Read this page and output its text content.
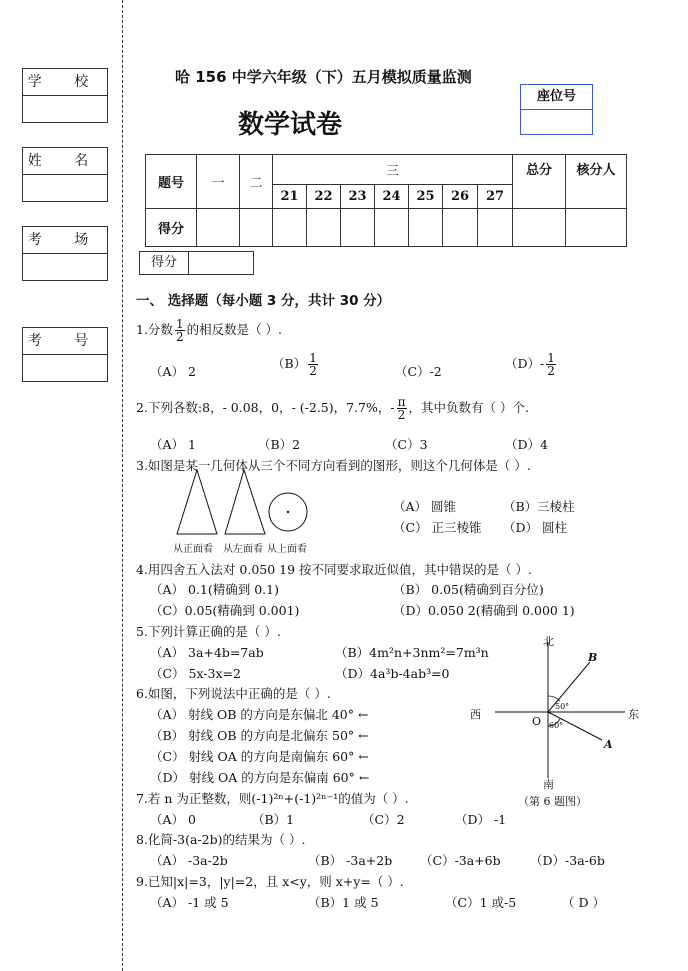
学 校
姓 名
考 场
考 号
哈 156 中学六年级（下）五月模拟质量监测
数学试卷
座位号
题号	一	二	三							总分	核分人
			21	22	23	24	25	26	27		
得分											
得分
一、 选择题（每小题 3 分，共计 30 分）
1.分数 $\frac{1}{2}$ 的相反数是（ ）.
（A） 2
$(B) \frac{1}{2}$	（C）-2
$(D)- \frac{1}{2}$
2.下列各数:8，- 0.08，0，- (-2.5)，7.7%，- $\frac{\pi}{2}$ ，其中负数有（ ）个.
（A） 1	（B）2	（C）3	（D）4
3.如图是某一几何体从三个不同方向看到的图形，则这个几何体是（ ）.
从正面看 从左面看 从上面看
（A） 圆锥	（B）三棱柱
（C） 正三棱锥 （D） 圆柱
4.用四舍五入法对 0.050 19 按不同要求取近似值，其中错误的是（ ）.
（A） 0.1(精确到 0.1)	（B） 0.05(精确到百分位)
（C）0.05(精确到 0.001)	（D）0.050 2(精确到 0.000 1)
5.下列计算正确的是（ ）.
（A） 3a+4b=7ab	（B）4m²n+3nm²=7m³n
（C） 5x-3x=2	（D）4a³b-4ab³=0
6.如图，下列说法中正确的是（ ）.
（A） 射线 OB 的方向是东偏北 40° ←
（B） 射线 OB 的方向是北偏东 50° ←
（C） 射线 OA 的方向是南偏东 60° ←
（D） 射线 OA 的方向是东偏南 60° ←
北
南
西	东
O
B
A
50°
60°
（第 6 题图）
7.若 n 为正整数，则(-1)²ⁿ+(-1)²ⁿ⁻¹的值为（ ）.
（A） 0	（B）1	（C）2	（D） -1
8.化简-3(a-2b)的结果为（ ）.
（A） -3a-2b	（B） -3a+2b （C）-3a+6b （D）-3a-6b
9.已知|x|=3，|y|=2，且 x<y，则 x+y=（ ）.
（A） -1 或 5	（B）1 或 5	（C）1 或-5	（ D ）
